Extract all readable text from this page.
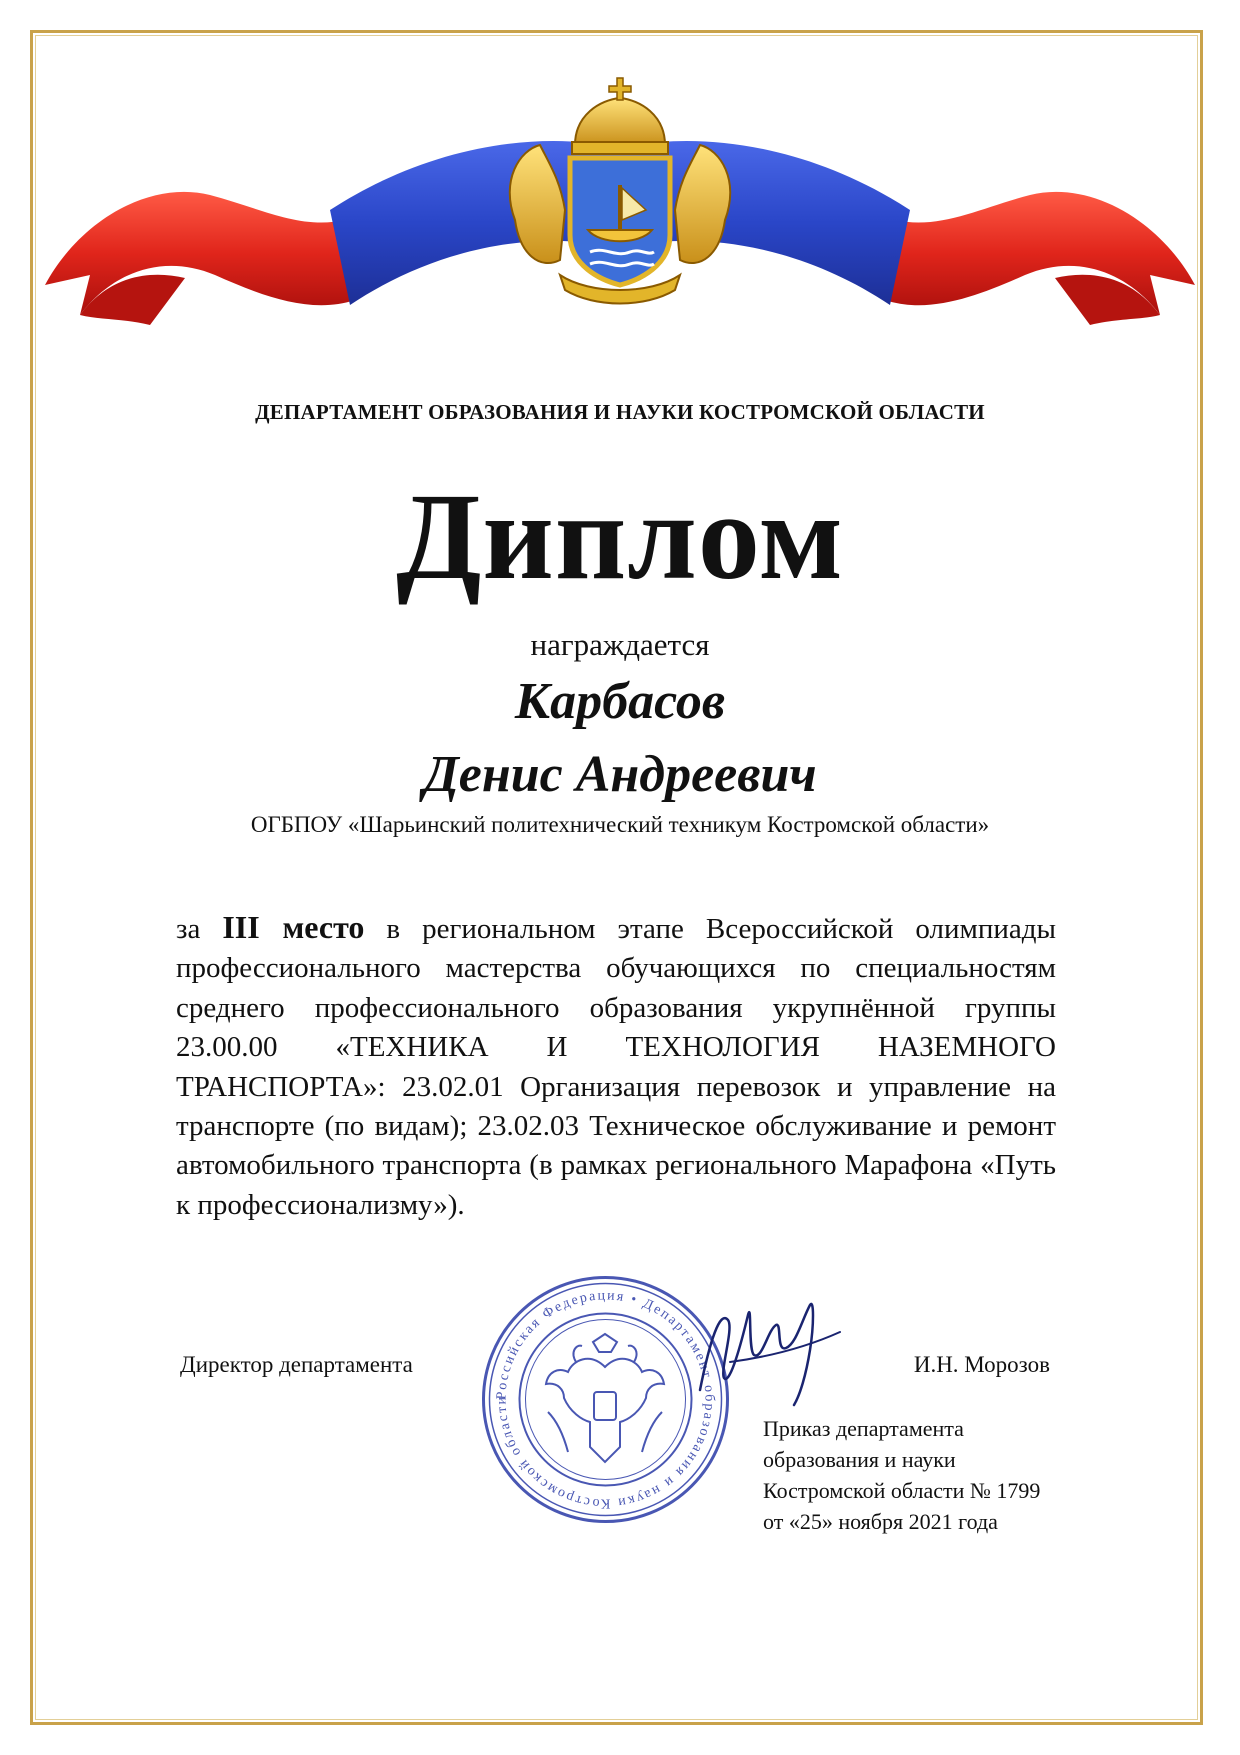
ДЕПАРТАМЕНТ ОБРАЗОВАНИЯ И НАУКИ КОСТРОМСКОЙ ОБЛАСТИ
Диплом
награждается
Карбасов
Денис Андреевич
ОГБПОУ «Шарьинский политехнический техникум Костромской области»
за III место в региональном этапе Всероссийской олимпиады профессионального мастерства обучающихся по специальностям среднего профессионального образования укрупнённой группы 23.00.00 «ТЕХНИКА И ТЕХНОЛОГИЯ НАЗЕМНОГО ТРАНСПОРТА»: 23.02.01 Организация перевозок и управление на транспорте (по видам); 23.02.03 Техническое обслуживание и ремонт автомобильного транспорта (в рамках регионального Марафона «Путь к профессионализму»).
Директор департамента	И.Н. Морозов
Российская Федерация • Департамент образования и науки Костромской области
Приказ департамента
образования и науки
Костромской области № 1799
от «25» ноября 2021 года
